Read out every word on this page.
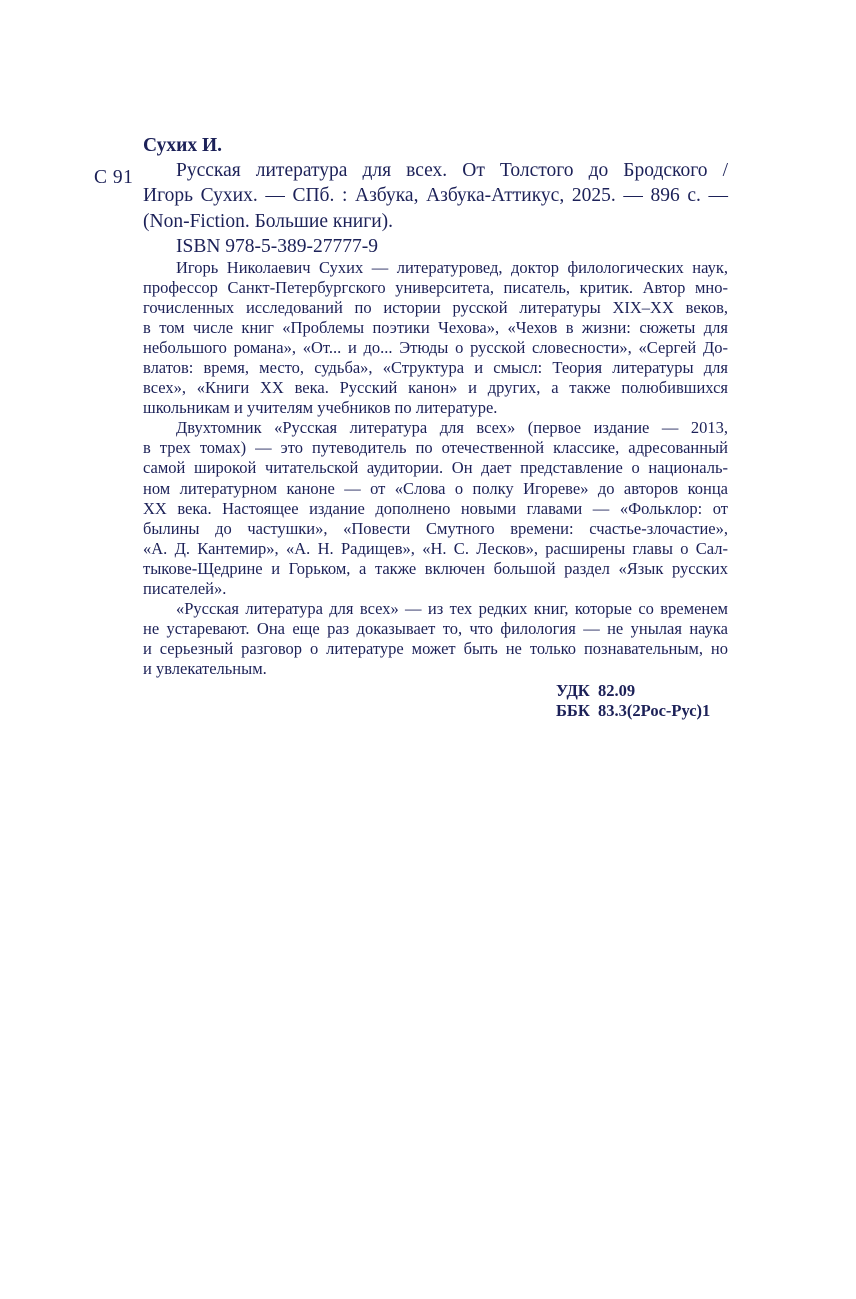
С 91
Сухих И.
Русская литература для всех. От Толстого до Бродского /
Игорь Сухих. — СПб. : Азбука, Азбука-Аттикус, 2025. — 896 с. —
(Non-Fiction. Большие книги).
ISBN 978-5-389-27777-9
Игорь Николаевич Сухих — литературовед, доктор филологических наук,
профессор Санкт-Петербургского университета, писатель, критик. Автор мно-
гочисленных исследований по истории русской литературы XIX–XX веков,
в том числе книг «Проблемы поэтики Чехова», «Чехов в жизни: сюжеты для
небольшого романа», «От... и до... Этюды о русской словесности», «Сергей До-
влатов: время, место, судьба», «Структура и смысл: Теория литературы для
всех», «Книги XX века. Русский канон» и других, а также полюбившихся
школьникам и учителям учебников по литературе.
Двухтомник «Русская литература для всех» (первое издание — 2013,
в трех томах) — это путеводитель по отечественной классике, адресованный
самой широкой читательской аудитории. Он дает представление о националь-
ном литературном каноне — от «Слова о полку Игореве» до авторов конца
XX века. Настоящее издание дополнено новыми главами — «Фольклор: от
былины до частушки», «Повести Смутного времени: счастье-злочастие»,
«А. Д. Кантемир», «А. Н. Радищев», «Н. С. Лесков», расширены главы о Сал-
тыкове-Щедрине и Горьком, а также включен большой раздел «Язык русских
писателей».
«Русская литература для всех» — из тех редких книг, которые со временем
не устаревают. Она еще раз доказывает то, что филология — не унылая наука
и серьезный разговор о литературе может быть не только познавательным, но
и увлекательным.
УДК  82.09
ББК  83.3(2Рос-Рус)1
